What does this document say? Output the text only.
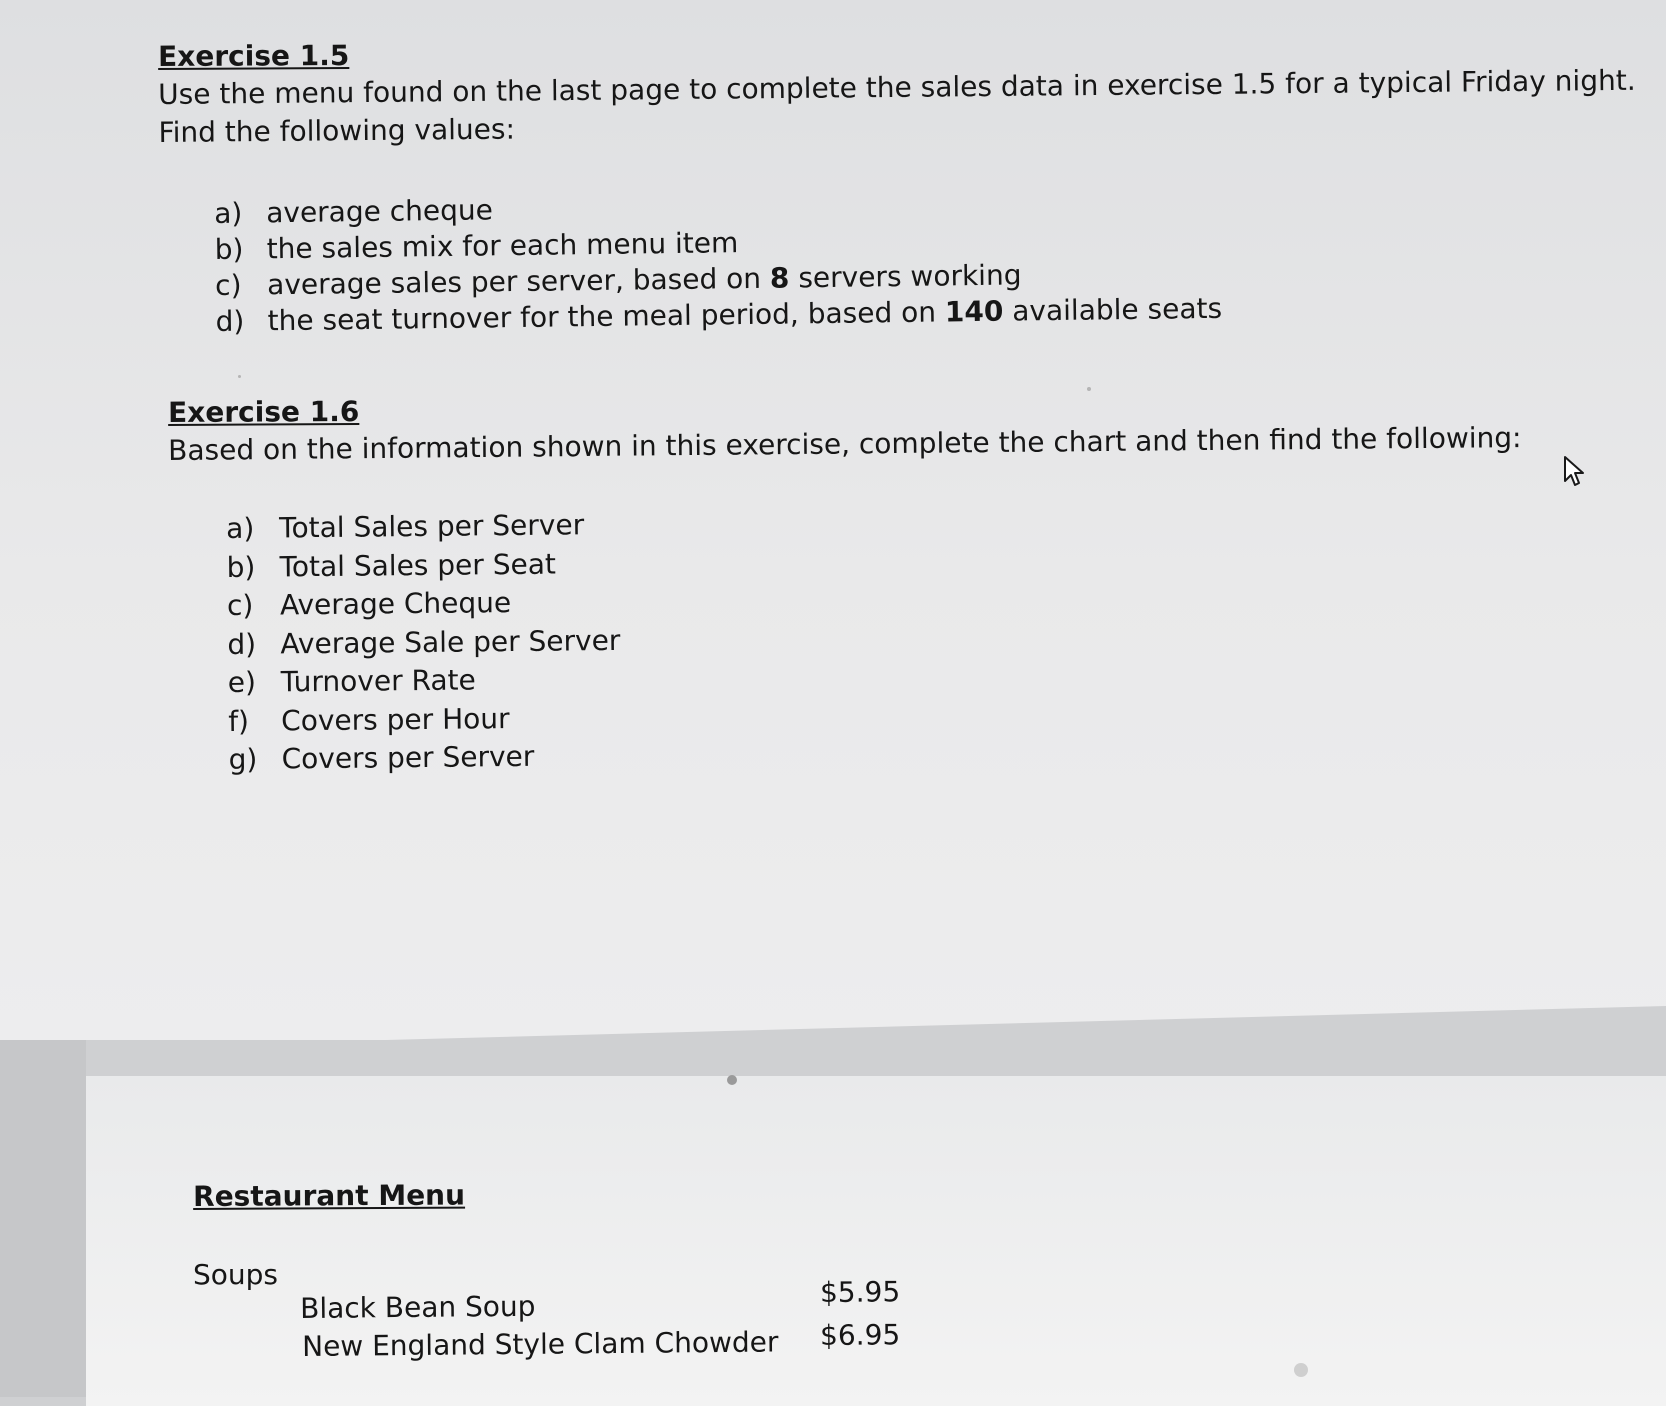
Exercise 1.5
Use the menu found on the last page to complete the sales data in exercise 1.5 for a typical Friday night.
Find the following values:
a) average cheque
b) the sales mix for each menu item
c) average sales per server, based on 8 servers working
d) the seat turnover for the meal period, based on 140 available seats
Exercise 1.6
Based on the information shown in this exercise, complete the chart and then find the following:
a) Total Sales per Server
b) Total Sales per Seat
c) Average Cheque
d) Average Sale per Server
e) Turnover Rate
f)	Covers per Hour
g) Covers per Server
Restaurant Menu
Soups
Black Bean Soup	$5.95
New England Style Clam Chowder $6.95
